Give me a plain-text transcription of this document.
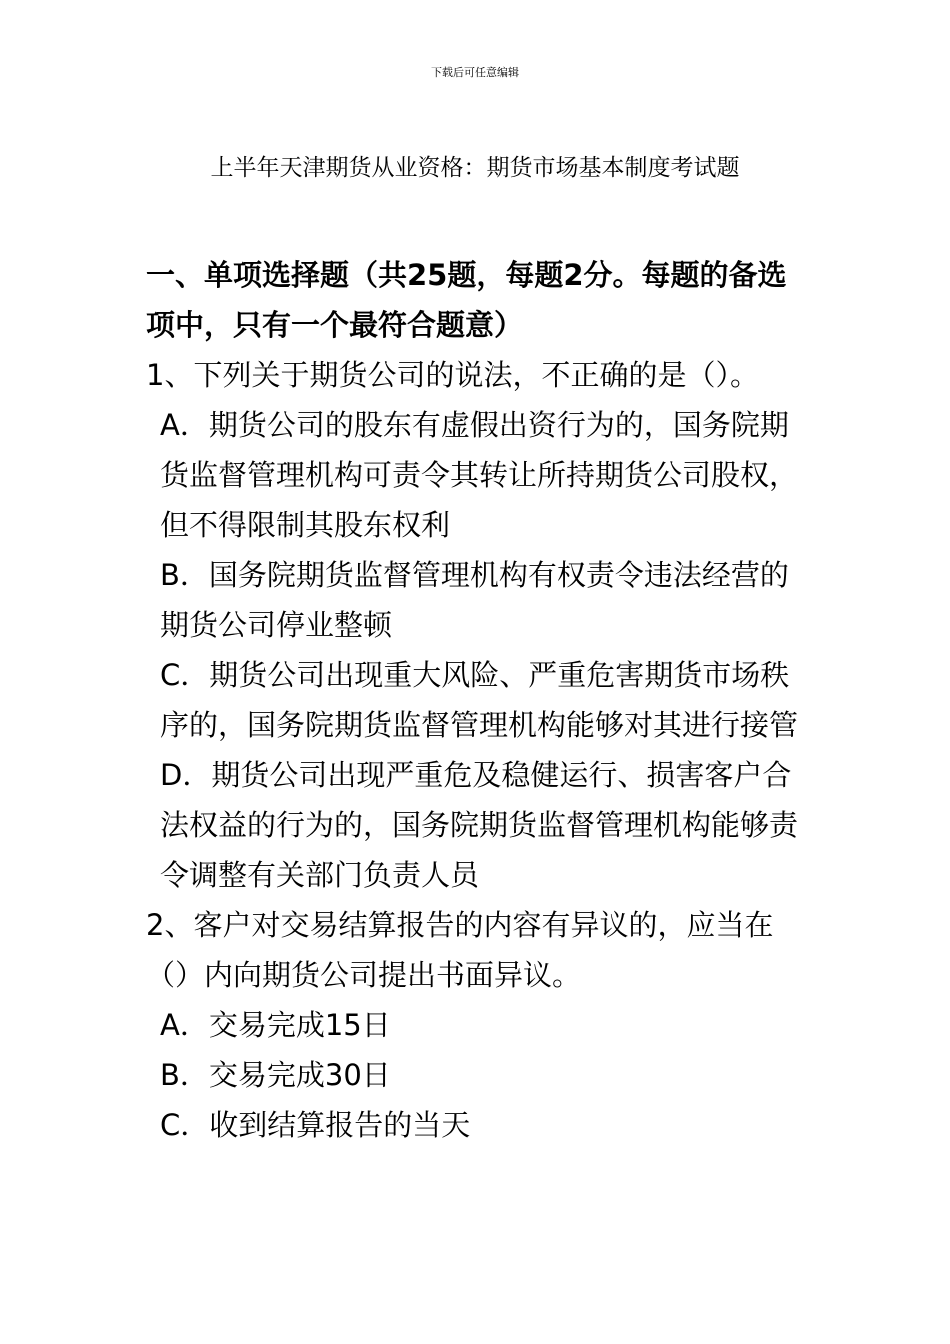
下载后可任意编辑
上半年天津期货从业资格：期货市场基本制度考试题

一、单项选择题（共25题，每题2分。每题的备选项中，只有一个最符合题意）

1、下列关于期货公司的说法，不正确的是（）。

A．期货公司的股东有虚假出资行为的，国务院期货监督管理机构可责令其转让所持期货公司股权，但不得限制其股东权利

B．国务院期货监督管理机构有权责令违法经营的期货公司停业整顿

C．期货公司出现重大风险、严重危害期货市场秩序的，国务院期货监督管理机构能够对其进行接管

D．期货公司出现严重危及稳健运行、损害客户合法权益的行为的，国务院期货监督管理机构能够责令调整有关部门负责人员

2、客户对交易结算报告的内容有异议的，应当在（）内向期货公司提出书面异议。

A．交易完成15日

B．交易完成30日

C．收到结算报告的当天
